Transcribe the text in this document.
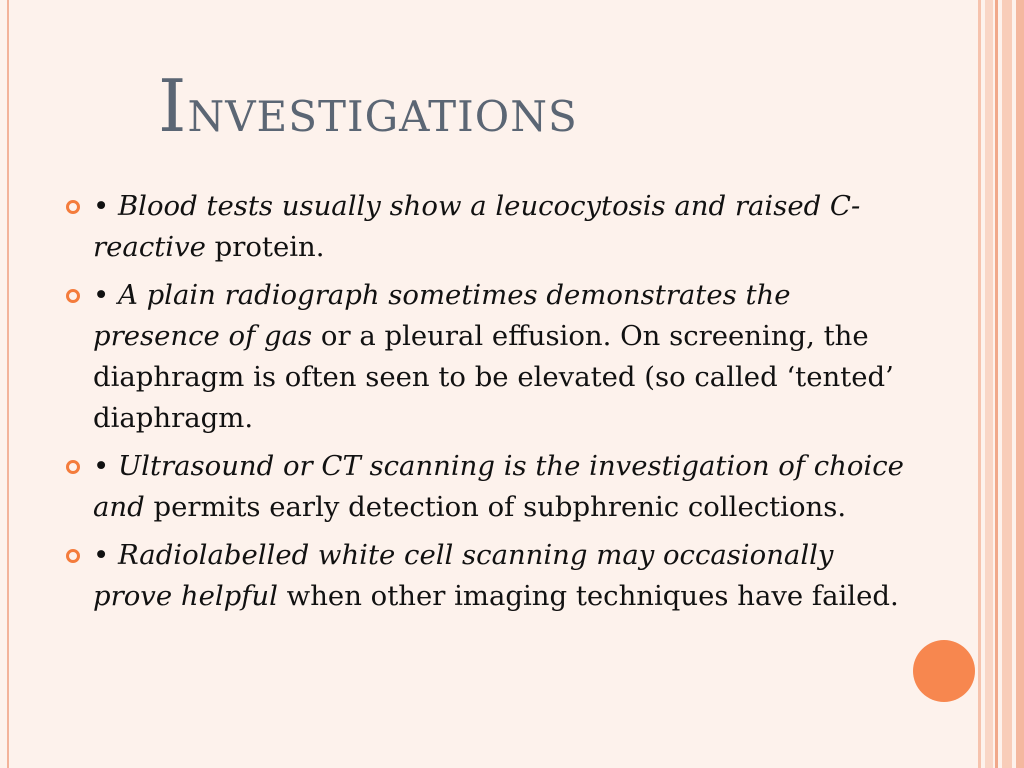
Investigations
• Blood tests usually show a leucocytosis and raised C-reactive protein.
• A plain radiograph sometimes demonstrates the presence of gas or a pleural effusion. On screening, the diaphragm is often seen to be elevated (so called ‘tented’ diaphragm.
• Ultrasound or CT scanning is the investigation of choice and permits early detection of subphrenic collections.
• Radiolabelled white cell scanning may occasionally prove helpful when other imaging techniques have failed.
